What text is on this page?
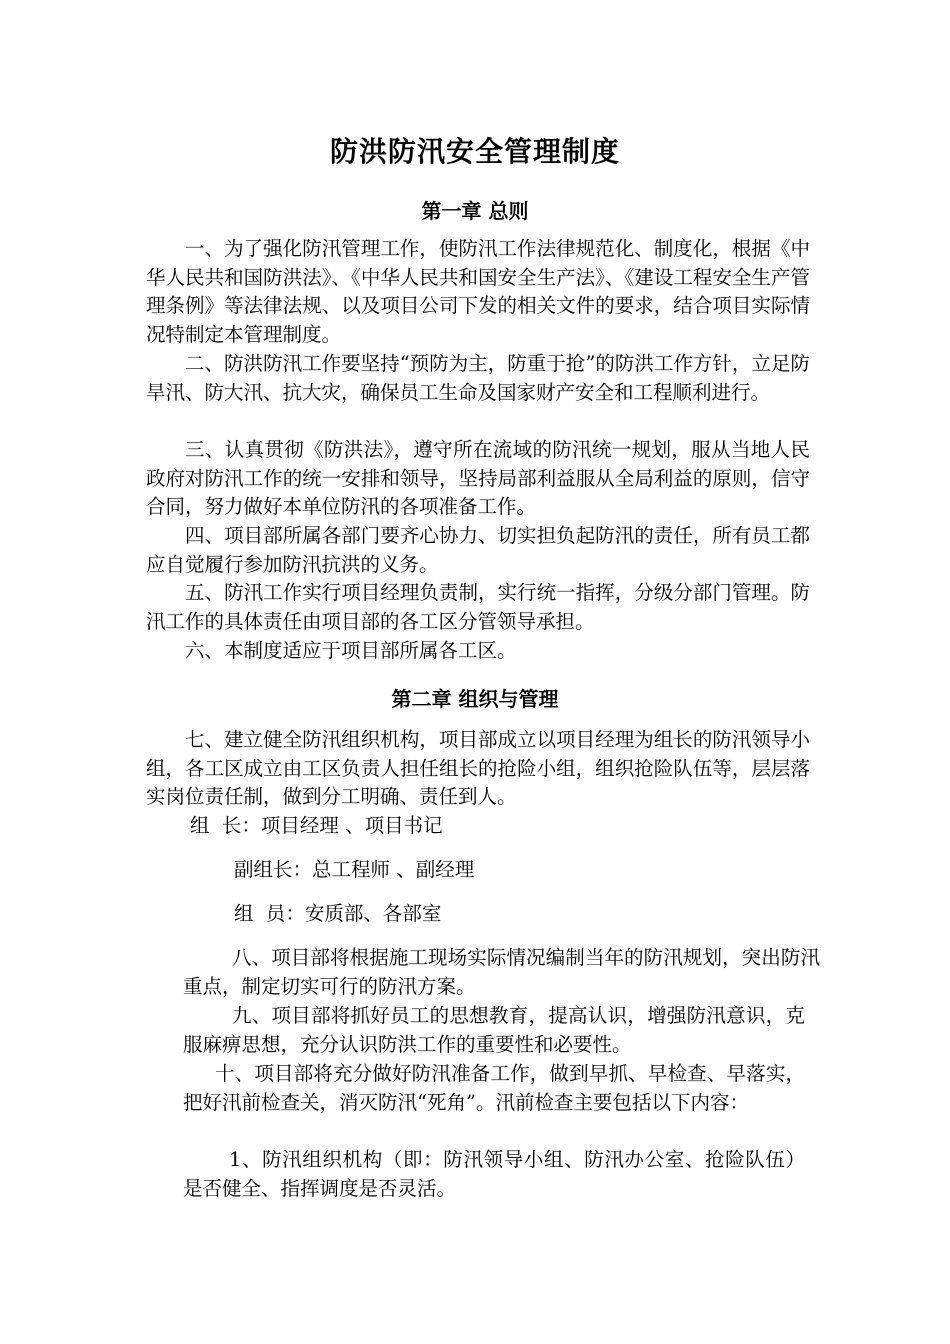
防洪防汛安全管理制度
第一章 总则

一、为了强化防汛管理工作，使防汛工作法律规范化、制度化，根据《中华人民共和国防洪法》、《中华人民共和国安全生产法》、《建设工程安全生产管理条例》等法律法规、以及项目公司下发的相关文件的要求，结合项目实际情况特制定本管理制度。

二、防洪防汛工作要坚持“预防为主，防重于抢”的防洪工作方针，立足防旱汛、防大汛、抗大灾，确保员工生命及国家财产安全和工程顺利进行。

三、认真贯彻《防洪法》，遵守所在流域的防汛统一规划，服从当地人民政府对防汛工作的统一安排和领导，坚持局部利益服从全局利益的原则，信守合同，努力做好本单位防汛的各项准备工作。

四、项目部所属各部门要齐心协力、切实担负起防汛的责任，所有员工都应自觉履行参加防汛抗洪的义务。

五、防汛工作实行项目经理负责制，实行统一指挥，分级分部门管理。防汛工作的具体责任由项目部的各工区分管领导承担。

六、本制度适应于项目部所属各工区。

第二章 组织与管理

七、建立健全防汛组织机构，项目部成立以项目经理为组长的防汛领导小组，各工区成立由工区负责人担任组长的抢险小组，组织抢险队伍等，层层落实岗位责任制，做到分工明确、责任到人。

组  长：项目经理 、项目书记

副组长：总工程师 、副经理

组  员：安质部、各部室

八、项目部将根据施工现场实际情况编制当年的防汛规划，突出防汛重点，制定切实可行的防汛方案。

九、项目部将抓好员工的思想教育，提高认识，增强防汛意识，克服麻痹思想，充分认识防洪工作的重要性和必要性。

十、项目部将充分做好防汛准备工作，做到早抓、早检查、早落实，把好汛前检查关，消灭防汛“死角”。汛前检查主要包括以下内容：

1、防汛组织机构（即：防汛领导小组、防汛办公室、抢险队伍）是否健全、指挥调度是否灵活。
